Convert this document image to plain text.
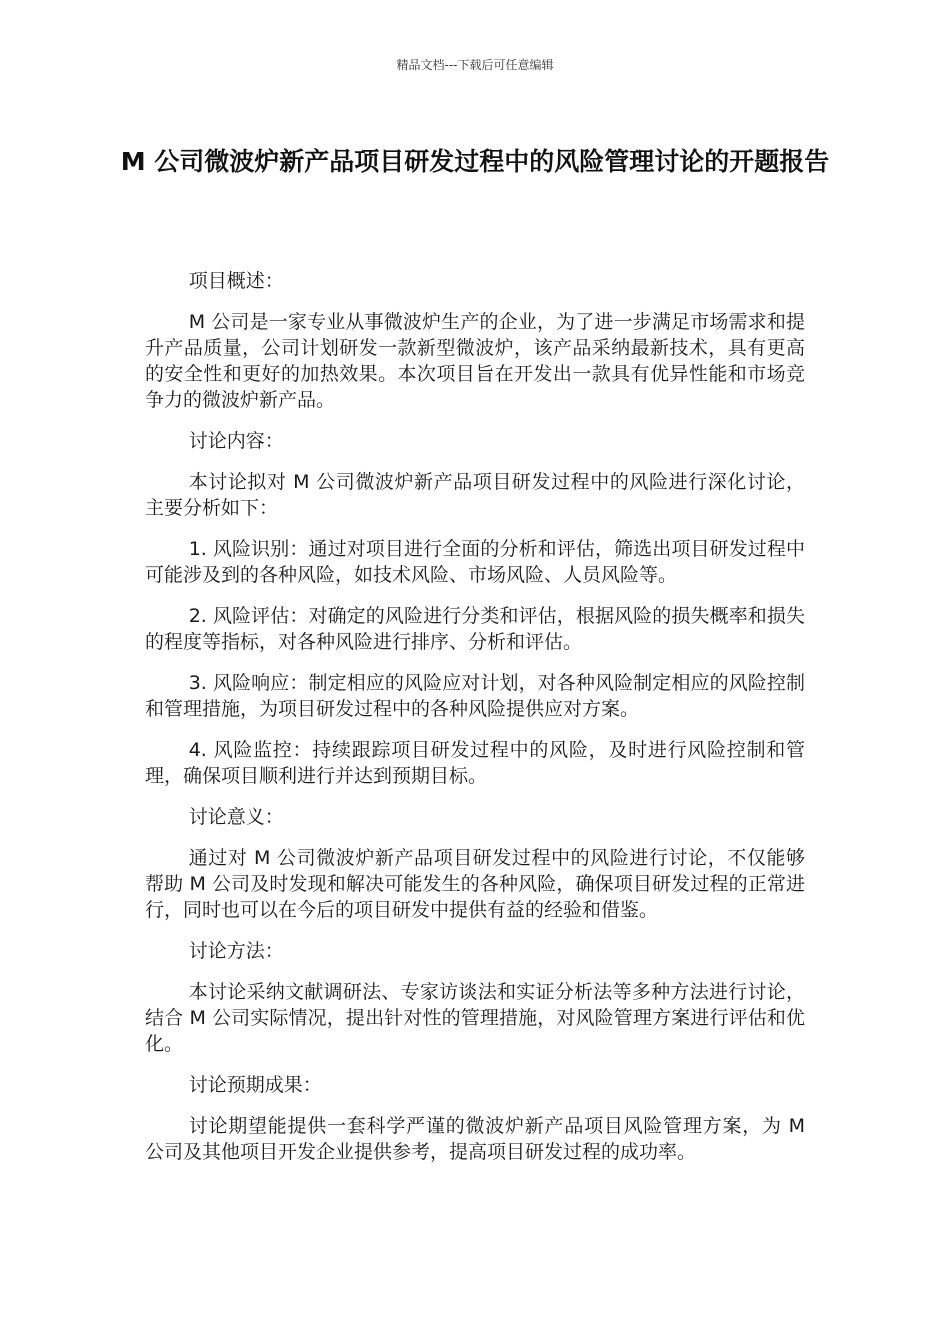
精品文档---下载后可任意编辑
M 公司微波炉新产品项目研发过程中的风险管理讨论的开题报告

项目概述：

M 公司是一家专业从事微波炉生产的企业，为了进一步满足市场需求和提升产品质量，公司计划研发一款新型微波炉，该产品采纳最新技术，具有更高的安全性和更好的加热效果。本次项目旨在开发出一款具有优异性能和市场竞争力的微波炉新产品。

讨论内容：

本讨论拟对 M 公司微波炉新产品项目研发过程中的风险进行深化讨论，主要分析如下：

1. 风险识别：通过对项目进行全面的分析和评估，筛选出项目研发过程中可能涉及到的各种风险，如技术风险、市场风险、人员风险等。

2. 风险评估：对确定的风险进行分类和评估，根据风险的损失概率和损失的程度等指标，对各种风险进行排序、分析和评估。

3. 风险响应：制定相应的风险应对计划，对各种风险制定相应的风险控制和管理措施，为项目研发过程中的各种风险提供应对方案。

4. 风险监控：持续跟踪项目研发过程中的风险，及时进行风险控制和管理，确保项目顺利进行并达到预期目标。

讨论意义：

通过对 M 公司微波炉新产品项目研发过程中的风险进行讨论，不仅能够帮助 M 公司及时发现和解决可能发生的各种风险，确保项目研发过程的正常进行，同时也可以在今后的项目研发中提供有益的经验和借鉴。

讨论方法：

本讨论采纳文献调研法、专家访谈法和实证分析法等多种方法进行讨论，结合 M 公司实际情况，提出针对性的管理措施，对风险管理方案进行评估和优化。

讨论预期成果：

讨论期望能提供一套科学严谨的微波炉新产品项目风险管理方案，为 M 公司及其他项目开发企业提供参考，提高项目研发过程的成功率。
